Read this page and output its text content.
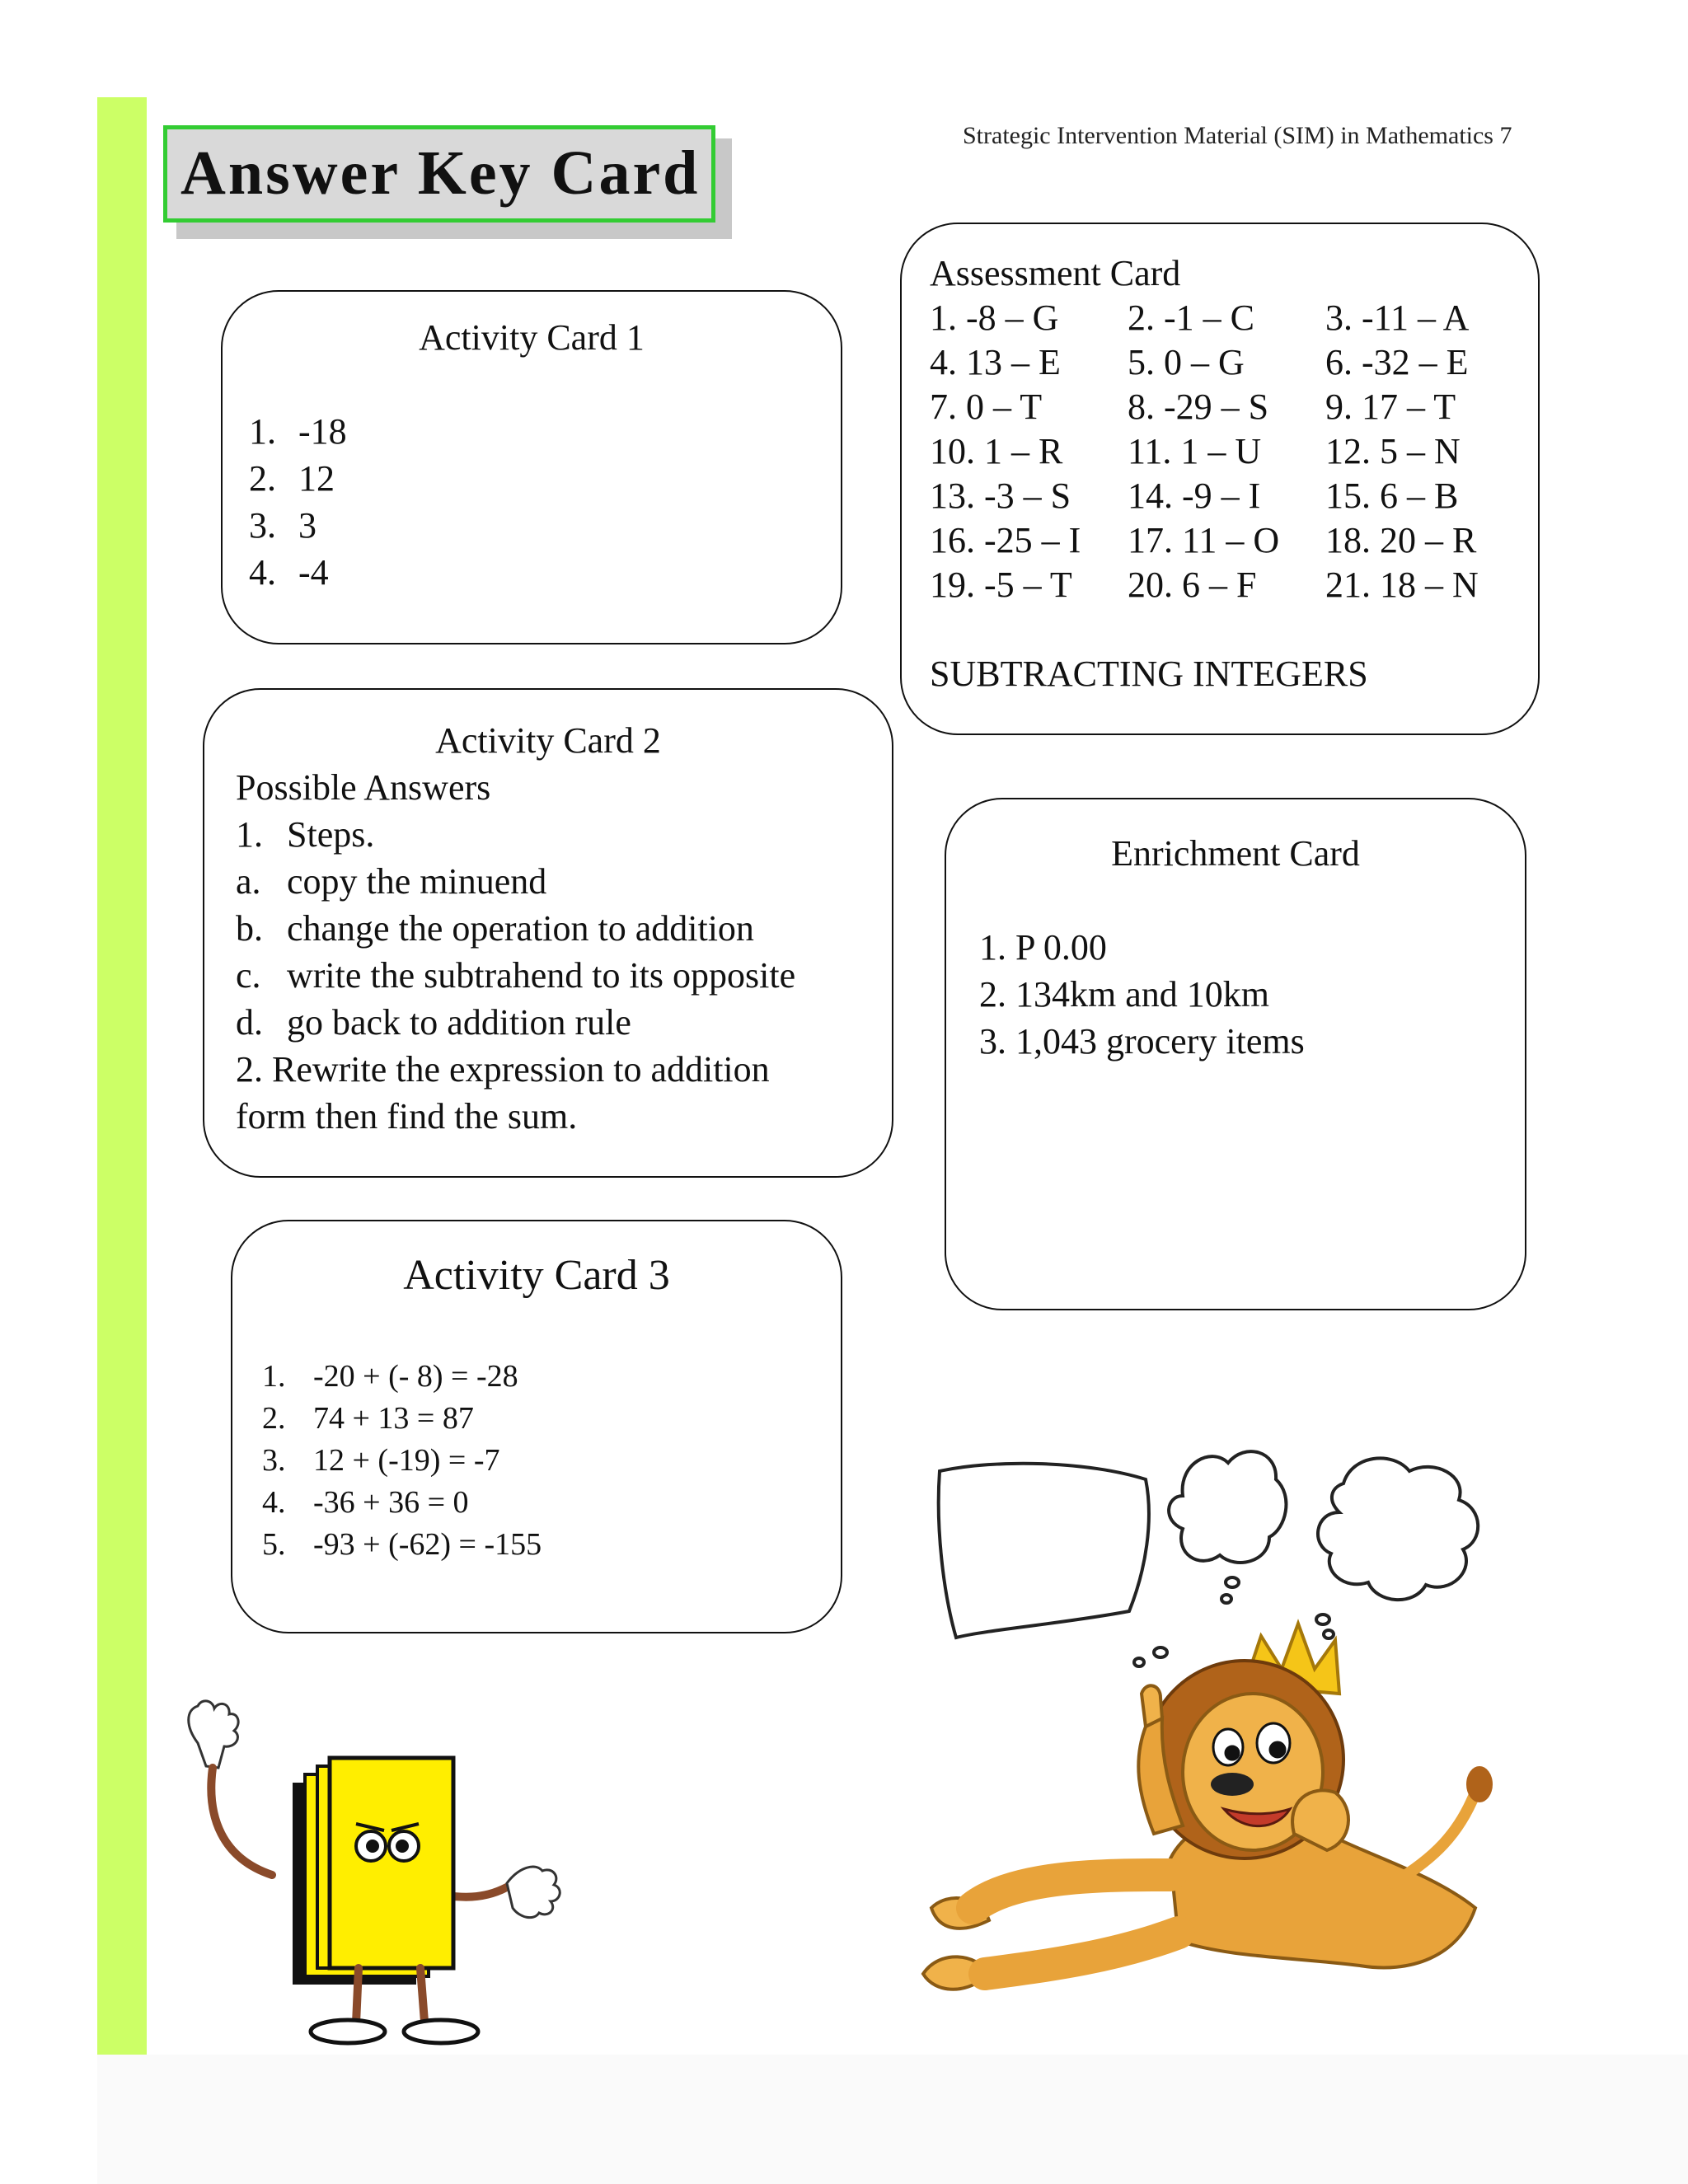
Strategic Intervention Material (SIM) in Mathematics 7
Answer Key Card
Activity Card 1
1. -18
2. 12
3. 3
4. -4
Activity Card 2
Possible Answers
1. Steps.
a. copy the minuend
b. change the operation to addition
c. write the subtrahend to its opposite
d. go back to addition rule
2. Rewrite the expression to addition
form then find the sum.
Activity Card 3
1. -20 + (- 8) = -28
2. 74 + 13 = 87
3. 12 + (-19) = -7
4. -36 + 36 = 0
5. -93 + (-62) = -155
Assessment Card
1. -8 – G 2. -1 – C 3. -11 – A
4. 13 – E 5. 0 – G 6. -32 – E
7. 0 – T 8. -29 – S 9. 17 – T
10. 1 – R 11. 1 – U 12. 5 – N
13. -3 – S 14. -9 – I 15. 6 – B
16. -25 – I 17. 11 – O 18. 20 – R
19. -5 – T 20. 6 – F 21. 18 – N
SUBTRACTING INTEGERS
Enrichment Card
1. P 0.00
2. 134km and 10km
3. 1,043 grocery items
